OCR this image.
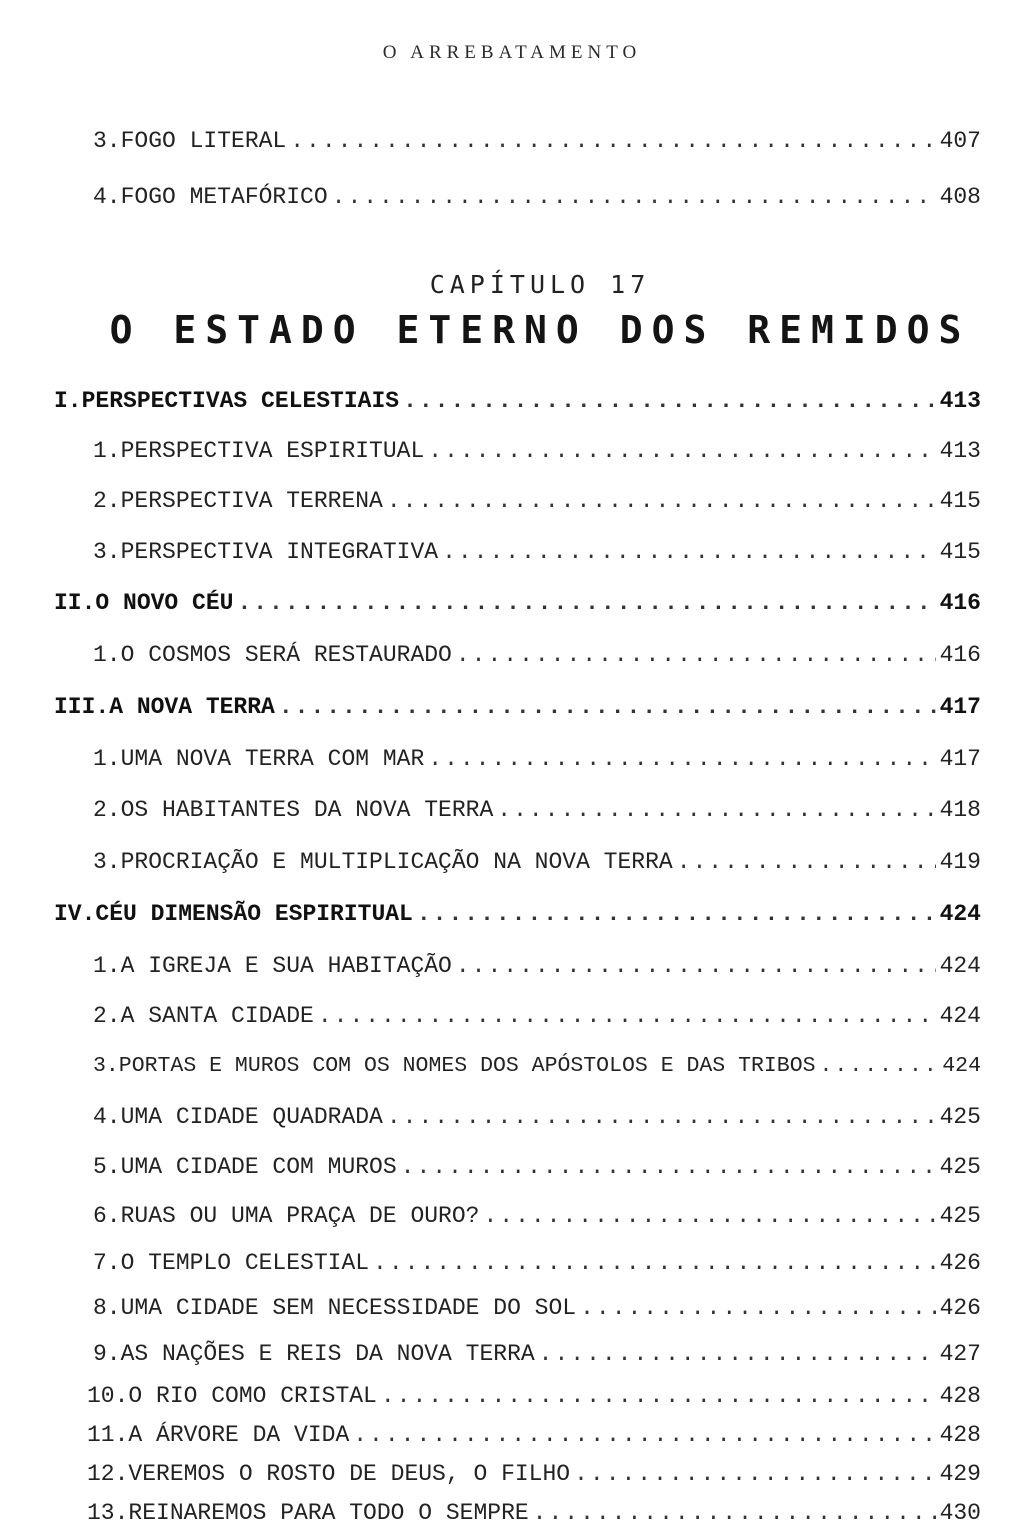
O ARREBATAMENTO
3.FOGO LITERAL .....	407
4.FOGO METAFÓRICO .....	408
CAPÍTULO 17
O ESTADO ETERNO DOS REMIDOS
I.PERSPECTIVAS CELESTIAIS .....	413
1.PERSPECTIVA ESPIRITUAL .....	413
2.PERSPECTIVA TERRENA .....	415
3.PERSPECTIVA INTEGRATIVA .....	415
II.O NOVO CÉU .....	416
1.O COSMOS SERÁ RESTAURADO .....	416
III.A NOVA TERRA .....	417
1.UMA NOVA TERRA COM MAR .....	417
2.OS HABITANTES DA NOVA TERRA .....	418
3.PROCRIAÇÃO E MULTIPLICAÇÃO NA NOVA TERRA .....	419
IV.CÉU DIMENSÃO ESPIRITUAL .....	424
1.A IGREJA E SUA HABITAÇÃO .....	424
2.A SANTA CIDADE .....	424
3.PORTAS E MUROS COM OS NOMES DOS APÓSTOLOS E DAS TRIBOS .....	424
4.UMA CIDADE QUADRADA .....	425
5.UMA CIDADE COM MUROS .....	425
6.RUAS OU UMA PRAÇA DE OURO? .....	425
7.O TEMPLO CELESTIAL .....	426
8.UMA CIDADE SEM NECESSIDADE DO SOL .....	426
9.AS NAÇÕES E REIS DA NOVA TERRA .....	427
10.O RIO COMO CRISTAL .....	428
11.A ÁRVORE DA VIDA .....	428
12.VEREMOS O ROSTO DE DEUS, O FILHO .....	429
13.REINAREMOS PARA TODO O SEMPRE .....	430
